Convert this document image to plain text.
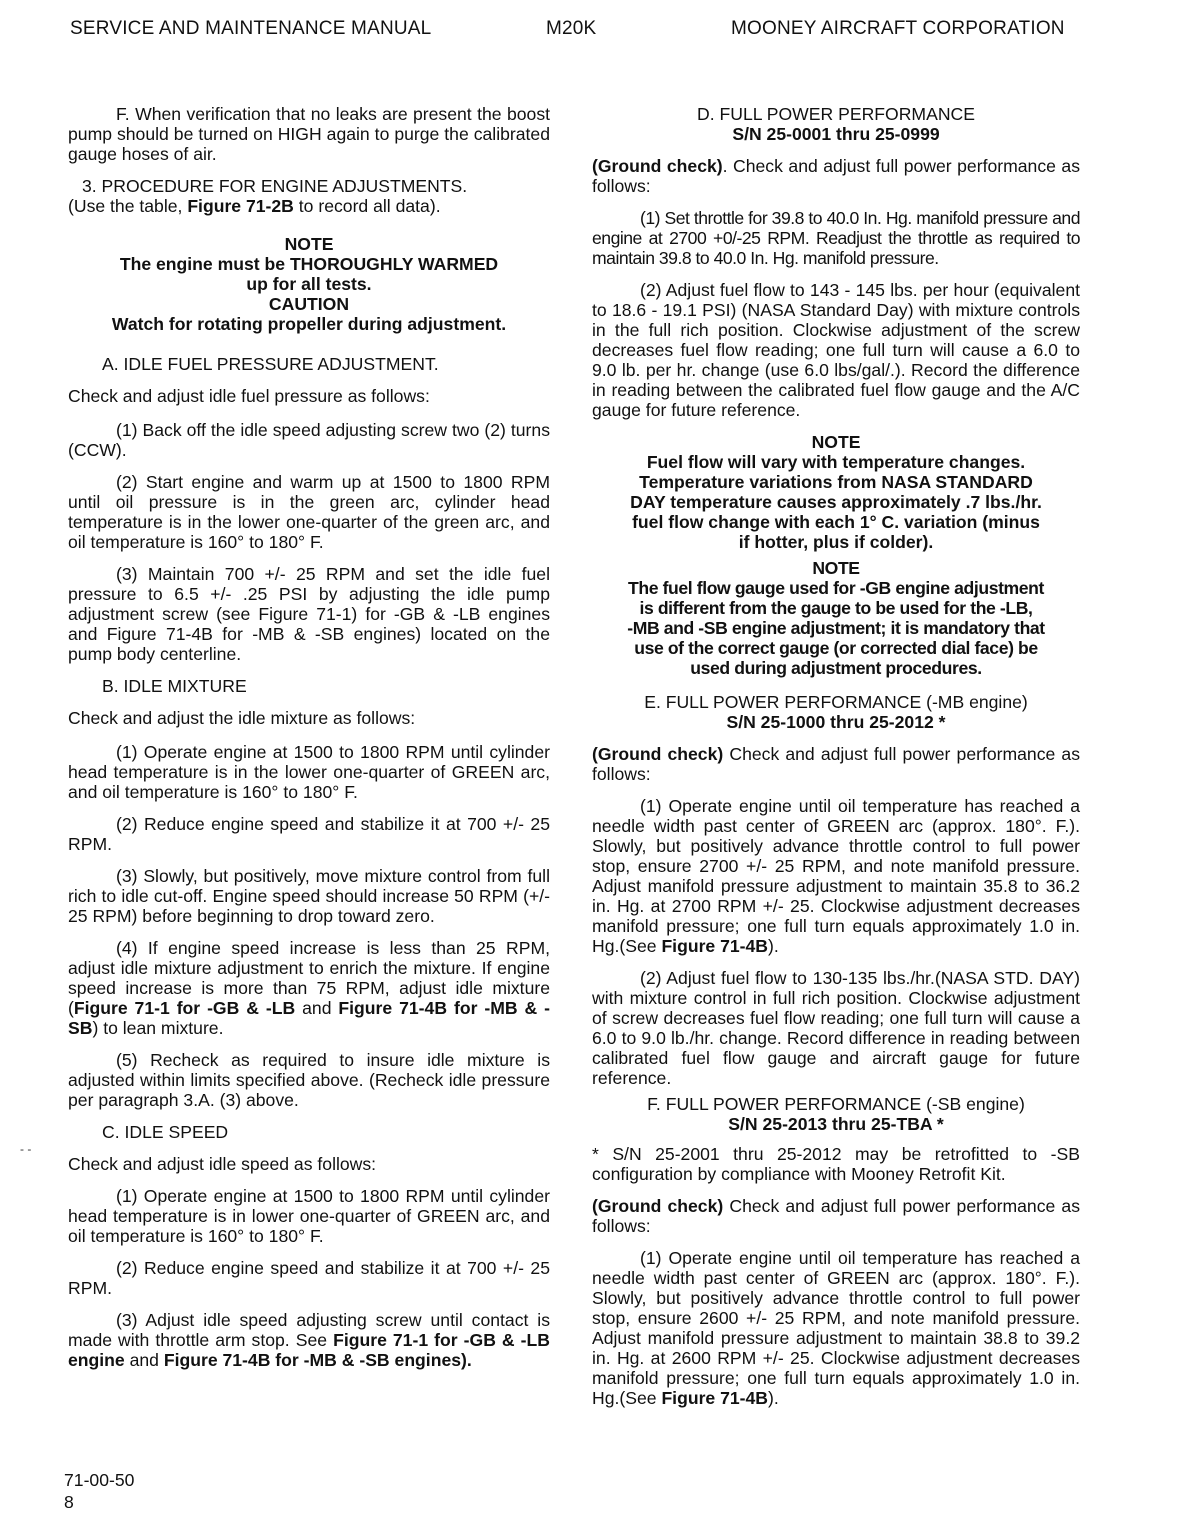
SERVICE AND MAINTENANCE MANUAL	M20K	MOONEY AIRCRAFT CORPORATION

F. When verification that no leaks are present the boost pump should be turned on HIGH again to purge the calibrated gauge hoses of air.

3. PROCEDURE FOR ENGINE ADJUSTMENTS.
(Use the table, Figure 71-2B to record all data).

NOTE
The engine must be THOROUGHLY WARMED
up for all tests.
CAUTION
Watch for rotating propeller during adjustment.

A. IDLE FUEL PRESSURE ADJUSTMENT.

Check and adjust idle fuel pressure as follows:

(1) Back off the idle speed adjusting screw two (2) turns (CCW).

(2) Start engine and warm up at 1500 to 1800 RPM until oil pressure is in the green arc, cylinder head temperature is in the lower one-quarter of the green arc, and oil temperature is 160° to 180° F.

(3) Maintain 700 +/- 25 RPM and set the idle fuel pressure to 6.5 +/- .25 PSI by adjusting the idle pump adjustment screw (see Figure 71-1) for -GB & -LB engines and Figure 71-4B for -MB & -SB engines) located on the pump body centerline.

B. IDLE MIXTURE

Check and adjust the idle mixture as follows:

(1) Operate engine at 1500 to 1800 RPM until cylinder head temperature is in the lower one-quarter of GREEN arc, and oil temperature is 160° to 180° F.

(2) Reduce engine speed and stabilize it at 700 +/- 25 RPM.

(3) Slowly, but positively, move mixture control from full rich to idle cut-off. Engine speed should increase 50 RPM (+/- 25 RPM) before beginning to drop toward zero.

(4) If engine speed increase is less than 25 RPM, adjust idle mixture adjustment to enrich the mixture. If engine speed increase is more than 75 RPM, adjust idle mixture (Figure 71-1 for -GB & -LB and Figure 71-4B for -MB & -SB) to lean mixture.

(5) Recheck as required to insure idle mixture is adjusted within limits specified above. (Recheck idle pressure per paragraph 3.A. (3) above.

C. IDLE SPEED

Check and adjust idle speed as follows:

(1) Operate engine at 1500 to 1800 RPM until cylinder head temperature is in lower one-quarter of GREEN arc, and oil temperature is 160° to 180° F.

(2) Reduce engine speed and stabilize it at 700 +/- 25 RPM.

(3) Adjust idle speed adjusting screw until contact is made with throttle arm stop. See Figure 71-1 for -GB & -LB engine and Figure 71-4B for -MB & -SB engines).

D. FULL POWER PERFORMANCE
S/N 25-0001 thru 25-0999

(Ground check). Check and adjust full power performance as follows:

(1) Set throttle for 39.8 to 40.0 In. Hg. manifold pressure and engine at 2700 +0/-25 RPM. Readjust the throttle as required to maintain 39.8 to 40.0 In. Hg. manifold pressure.

(2) Adjust fuel flow to 143 - 145 lbs. per hour (equivalent to 18.6 - 19.1 PSI) (NASA Standard Day) with mixture controls in the full rich position. Clockwise adjustment of the screw decreases fuel flow reading; one full turn will cause a 6.0 to 9.0 lb. per hr. change (use 6.0 lbs/gal/.). Record the difference in reading between the calibrated fuel flow gauge and the A/C gauge for future reference.

NOTE
Fuel flow will vary with temperature changes.
Temperature variations from NASA STANDARD
DAY temperature causes approximately .7 lbs./hr.
fuel flow change with each 1° C. variation (minus
if hotter, plus if colder).
NOTE
The fuel flow gauge used for -GB engine adjustment
is different from the gauge to be used for the -LB,
-MB and -SB engine adjustment; it is mandatory that
use of the correct gauge (or corrected dial face) be
used during adjustment procedures.
E. FULL POWER PERFORMANCE (-MB engine)
S/N 25-1000 thru 25-2012 *

(Ground check) Check and adjust full power performance as follows:

(1) Operate engine until oil temperature has reached a needle width past center of GREEN arc (approx. 180°. F.). Slowly, but positively advance throttle control to full power stop, ensure 2700 +/- 25 RPM, and note manifold pressure. Adjust manifold pressure adjustment to maintain 35.8 to 36.2 in. Hg. at 2700 RPM +/- 25. Clockwise adjustment decreases manifold pressure; one full turn equals approximately 1.0 in. Hg.(See Figure 71-4B).

(2) Adjust fuel flow to 130-135 lbs./hr.(NASA STD. DAY) with mixture control in full rich position. Clockwise adjustment of screw decreases fuel flow reading; one full turn will cause a 6.0 to 9.0 lb./hr. change. Record difference in reading between calibrated fuel flow gauge and aircraft gauge for future reference.

F. FULL POWER PERFORMANCE (-SB engine)
S/N 25-2013 thru 25-TBA *

* S/N 25-2001 thru 25-2012 may be retrofitted to -SB configuration by compliance with Mooney Retrofit Kit.

(Ground check) Check and adjust full power performance as follows:

(1) Operate engine until oil temperature has reached a needle width past center of GREEN arc (approx. 180°. F.). Slowly, but positively advance throttle control to full power stop, ensure 2600 +/- 25 RPM, and note manifold pressure. Adjust manifold pressure adjustment to maintain 38.8 to 39.2 in. Hg. at 2600 RPM +/- 25. Clockwise adjustment decreases manifold pressure; one full turn equals approximately 1.0 in. Hg.(See Figure 71-4B).

- -
71-00-50
8
